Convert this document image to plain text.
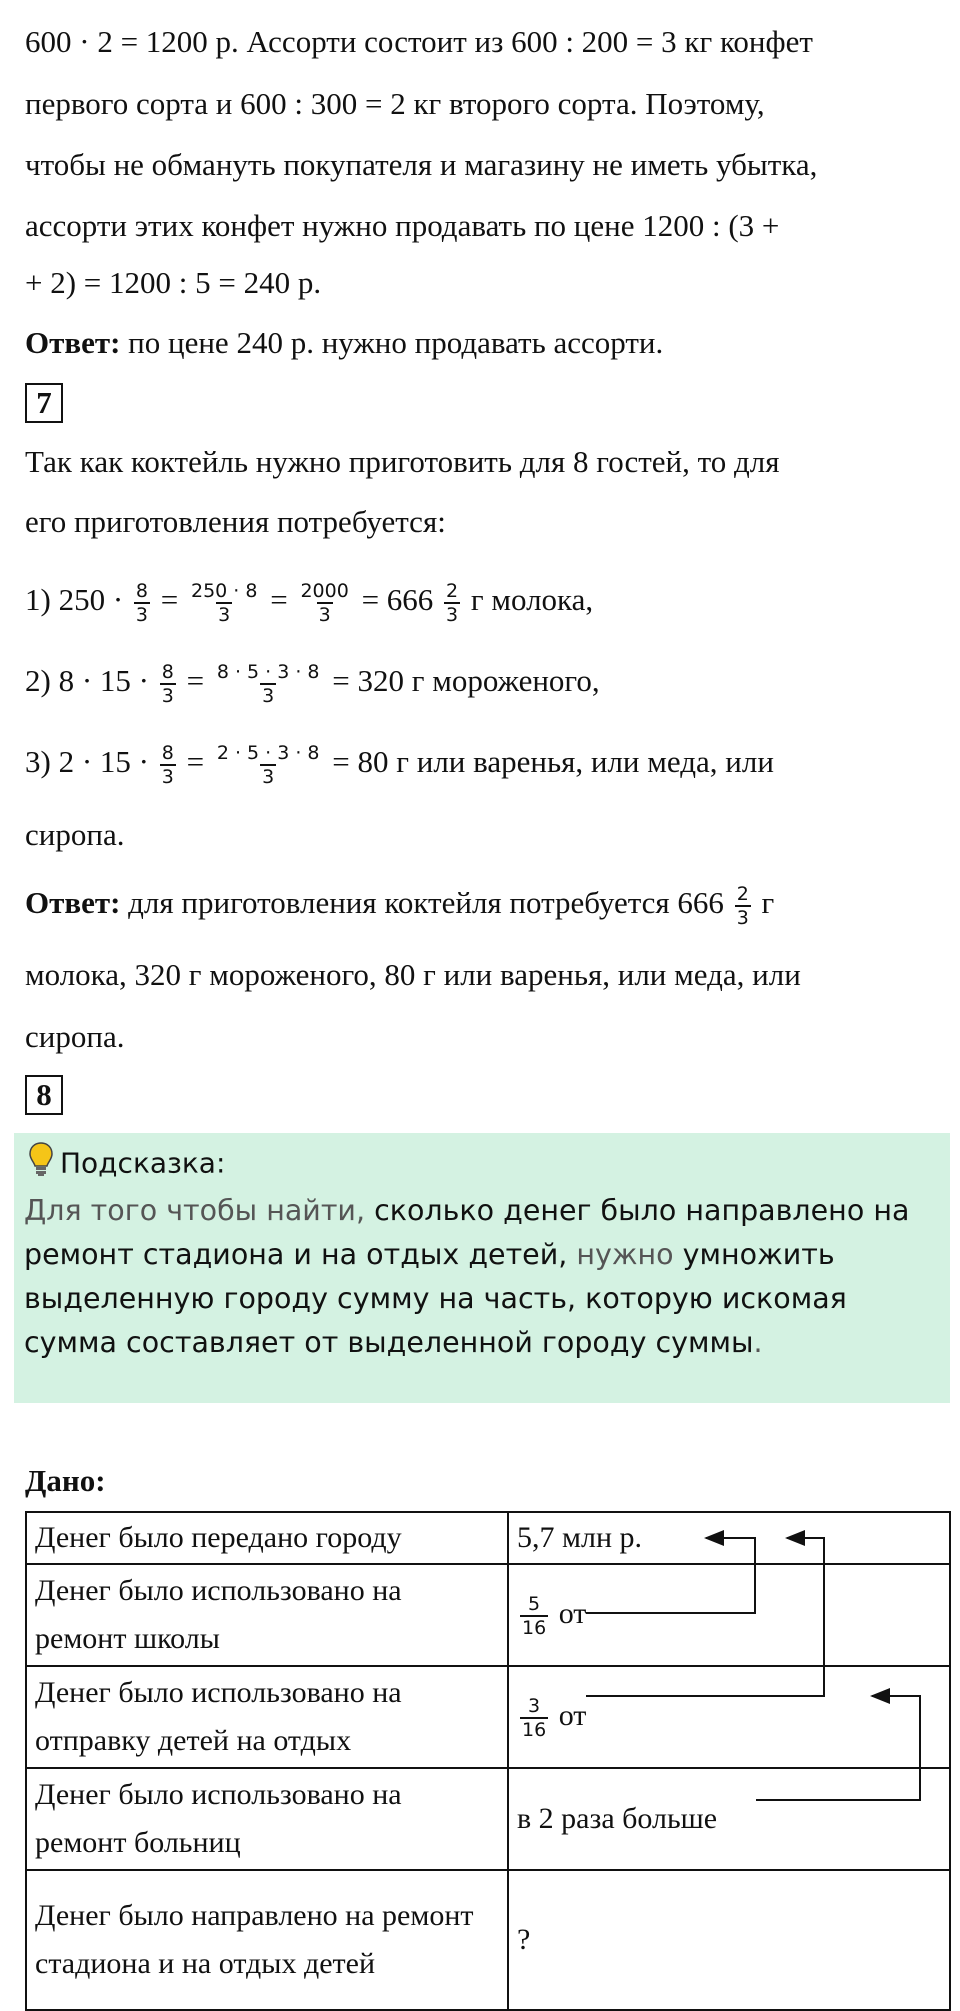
600 · 2 = 1200 р. Ассорти состоит из 600 : 200 = 3 кг конфет
первого сорта и 600 : 300 = 2 кг второго сорта. Поэтому,
чтобы не обмануть покупателя и магазину не иметь убытка,
ассорти этих конфет нужно продавать по цене 1200 : (3 +
+ 2) = 1200 : 5 = 240 р.
Ответ: по цене 240 р. нужно продавать ассорти.
7
Так как коктейль нужно приготовить для 8 гостей, то для
его приготовления потребуется:
1) $250 \cdot \frac{8}{3} = \frac{250 \cdot 8}{3} = \frac{2000}{3} = 666 \frac{2}{3}$ г молока,
2) $8 \cdot 15 \cdot \frac{8}{3} = \frac{8 \cdot 5 \cdot 3 \cdot 8}{3} = 320$ г мороженого,
3) $2 \cdot 15 \cdot \frac{8}{3} = \frac{2 \cdot 5 \cdot 3 \cdot 8}{3} = 80$ г или варенья, или меда, или
сиропа.
Ответ: для приготовления коктейля потребуется $666 \frac{2}{3}$ г
молока, 320 г мороженого, 80 г или варенья, или меда, или
сиропа.
8
Подсказка:
Для того чтобы найти, сколько денег было направлено на ремонт стадиона и на отдых детей, нужно умножить выделенную городу сумму на часть, которую искомая сумма составляет от выделенной городу суммы.
Дано:
Денег было передано городу	5,7 млн р.
Денег было использовано на ремонт школы	$\frac{5}{16}$ от
Денег было использовано на отправку детей на отдых	$\frac{3}{16}$ от
Денег было использовано на ремонт больниц	в 2 раза больше
Денег было направлено на ремонт стадиона и на отдых детей	?
